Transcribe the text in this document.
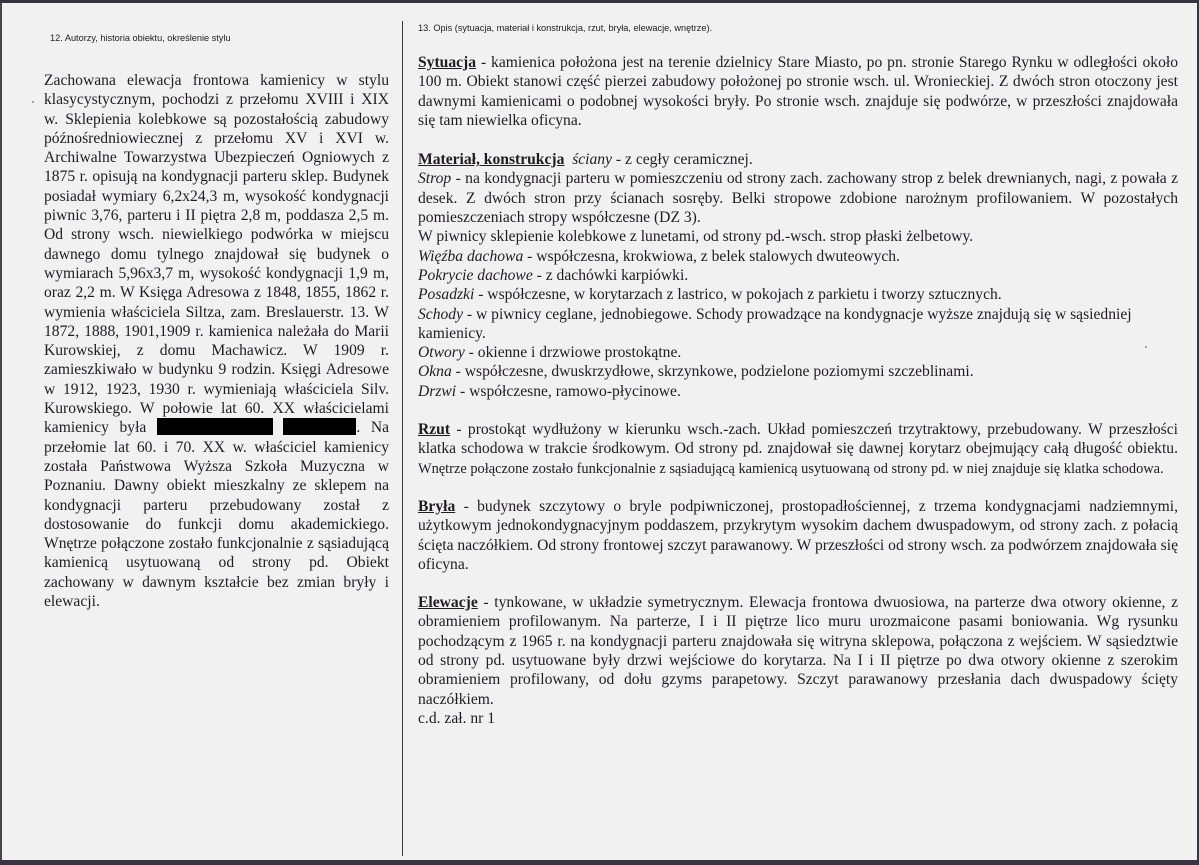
12. Autorzy, historia obiektu, określenie stylu

Zachowana elewacja frontowa kamienicy w stylu klasycystycznym, pochodzi z przełomu XVIII i XIX w. Sklepienia kolebkowe są pozostałością zabudowy późnośredniowiecznej z przełomu XV i XVI w. Archiwalne Towarzystwa Ubezpieczeń Ogniowych z 1875 r. opisują na kondygnacji parteru sklep. Budynek posiadał wymiary 6,2x24,3 m, wysokość kondygnacji piwnic 3,76, parteru i II piętra 2,8 m, poddasza 2,5 m. Od strony wsch. niewielkiego podwórka w miejscu dawnego domu tylnego znajdował się budynek o wymiarach 5,96x3,7 m, wysokość kondygnacji 1,9 m, oraz 2,2 m. W Księga Adresowa z 1848, 1855, 1862 r. wymienia właściciela Siltza, zam. Breslauerstr. 13. W 1872, 1888, 1901,1909 r. kamienica należała do Marii Kurowskiej, z domu Machawicz. W 1909 r. zamieszkiwało w budynku 9 rodzin. Księgi Adresowe w 1912, 1923, 1930 r. wymieniają właściciela Silv. Kurowskiego. W połowie lat 60. XX właścicielami kamienicy była	. Na przełomie lat 60. i 70. XX w. właściciel kamienicy została Państwowa Wyższa Szkoła Muzyczna w Poznaniu. Dawny obiekt mieszkalny ze sklepem na kondygnacji parteru przebudowany został z dostosowanie do funkcji domu akademickiego. Wnętrze połączone zostało funkcjonalnie z sąsiadującą kamienicą usytuowaną od strony pd. Obiekt zachowany w dawnym kształcie bez zmian bryły i elewacji.

13. Opis (sytuacja, materiał i konstrukcja, rzut, bryła, elewacje, wnętrze).

Sytuacja - kamienica położona jest na terenie dzielnicy Stare Miasto, po pn. stronie Starego Rynku w odległości około 100 m. Obiekt stanowi część pierzei zabudowy położonej po stronie wsch. ul. Wronieckiej. Z dwóch stron otoczony jest dawnymi kamienicami o podobnej wysokości bryły. Po stronie wsch. znajduje się podwórze, w przeszłości znajdowała się tam niewielka oficyna.

Materiał, konstrukcja ściany - z cegły ceramicznej.
Strop - na kondygnacji parteru w pomieszczeniu od strony zach. zachowany strop z belek drewnianych, nagi, z powała z desek. Z dwóch stron przy ścianach sosręby. Belki stropowe zdobione narożnym profilowaniem. W pozostałych pomieszczeniach stropy współczesne (DZ 3).
W piwnicy sklepienie kolebkowe z lunetami, od strony pd.-wsch. strop płaski żelbetowy.
Więźba dachowa - współczesna, krokwiowa, z belek stalowych dwuteowych.
Pokrycie dachowe - z dachówki karpiówki.
Posadzki - współczesne, w korytarzach z lastrico, w pokojach z parkietu i tworzy sztucznych.
Schody - w piwnicy ceglane, jednobiegowe. Schody prowadzące na kondygnacje wyższe znajdują się w sąsiedniej kamienicy.
Otwory - okienne i drzwiowe prostokątne.
Okna - współczesne, dwuskrzydłowe, skrzynkowe, podzielone poziomymi szczeblinami.
Drzwi - współczesne, ramowo-płycinowe.

Rzut - prostokąt wydłużony w kierunku wsch.-zach. Układ pomieszczeń trzytraktowy, przebudowany. W przeszłości klatka schodowa w trakcie środkowym. Od strony pd. znajdował się dawnej korytarz obejmujący całą długość obiektu. Wnętrze połączone zostało funkcjonalnie z sąsiadującą kamienicą usytuowaną od strony pd. w niej znajduje się klatka schodowa.

Bryła - budynek szczytowy o bryle podpiwniczonej, prostopadłościennej, z trzema kondygnacjami nadziemnymi, użytkowym jednokondygnacyjnym poddaszem, przykrytym wysokim dachem dwuspadowym, od strony zach. z połacią ścięta naczółkiem. Od strony frontowej szczyt parawanowy. W przeszłości od strony wsch. za podwórzem znajdowała się oficyna.

Elewacje - tynkowane, w układzie symetrycznym. Elewacja frontowa dwuosiowa, na parterze dwa otwory okienne, z obramieniem profilowanym. Na parterze, I i II piętrze lico muru urozmaicone pasami boniowania. Wg rysunku pochodzącym z 1965 r. na kondygnacji parteru znajdowała się witryna sklepowa, połączona z wejściem. W sąsiedztwie od strony pd. usytuowane były drzwi wejściowe do korytarza. Na I i II piętrze po dwa otwory okienne z szerokim obramieniem profilowany, od dołu gzyms parapetowy. Szczyt parawanowy przesłania dach dwuspadowy ścięty naczółkiem.

c.d. zał. nr 1
